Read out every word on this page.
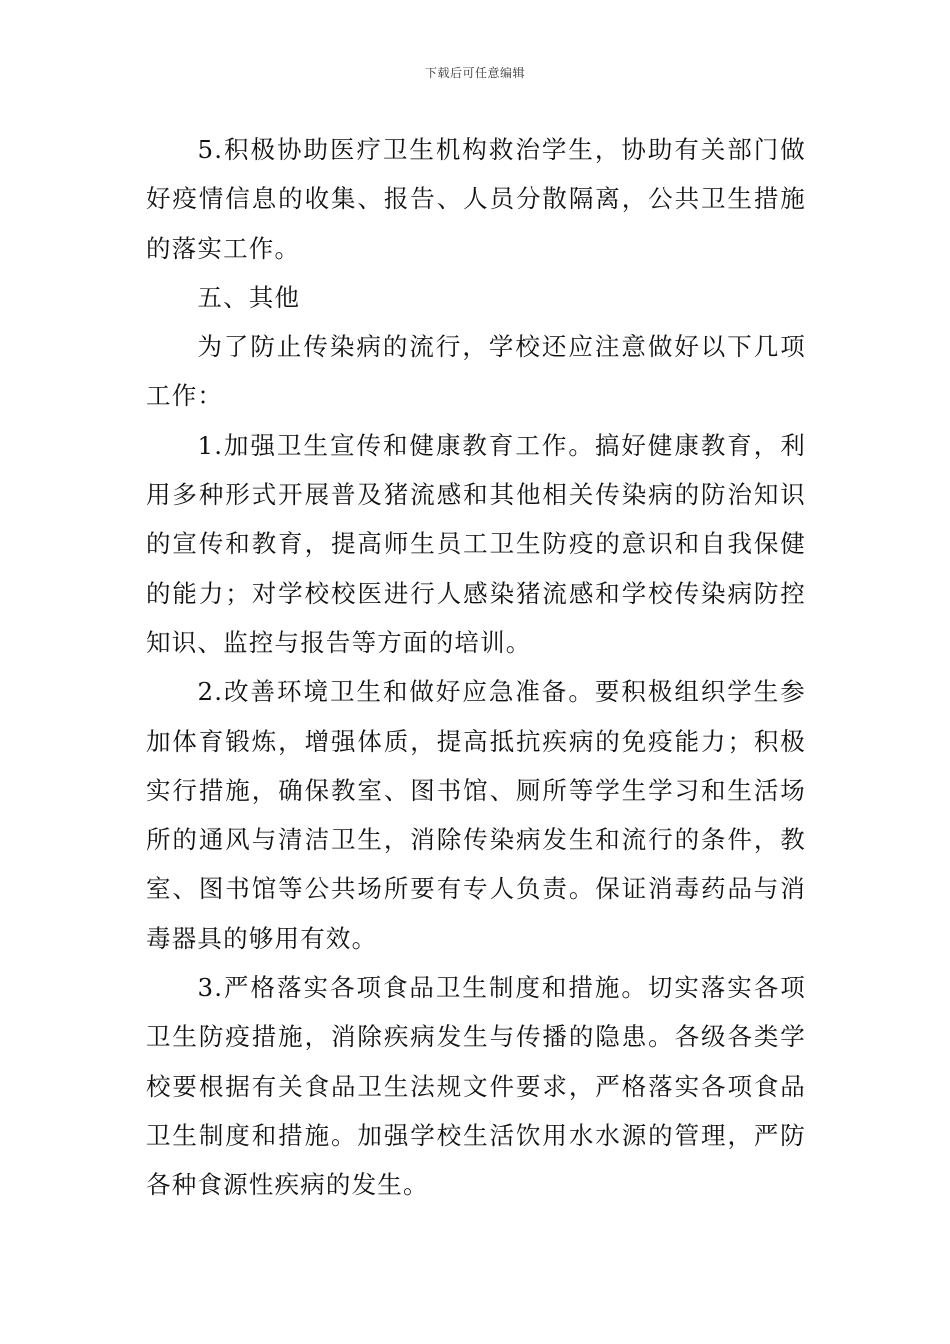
下载后可任意编辑

5.积极协助医疗卫生机构救治学生，协助有关部门做好疫情信息的收集、报告、人员分散隔离，公共卫生措施的落实工作。

五、其他

为了防止传染病的流行，学校还应注意做好以下几项工作：

1.加强卫生宣传和健康教育工作。搞好健康教育，利用多种形式开展普及猪流感和其他相关传染病的防治知识的宣传和教育，提高师生员工卫生防疫的意识和自我保健的能力；对学校校医进行人感染猪流感和学校传染病防控知识、监控与报告等方面的培训。

2.改善环境卫生和做好应急准备。要积极组织学生参加体育锻炼，增强体质，提高抵抗疾病的免疫能力；积极实行措施，确保教室、图书馆、厕所等学生学习和生活场所的通风与清洁卫生，消除传染病发生和流行的条件，教室、图书馆等公共场所要有专人负责。保证消毒药品与消毒器具的够用有效。

3.严格落实各项食品卫生制度和措施。切实落实各项卫生防疫措施，消除疾病发生与传播的隐患。各级各类学校要根据有关食品卫生法规文件要求，严格落实各项食品卫生制度和措施。加强学校生活饮用水水源的管理，严防各种食源性疾病的发生。
